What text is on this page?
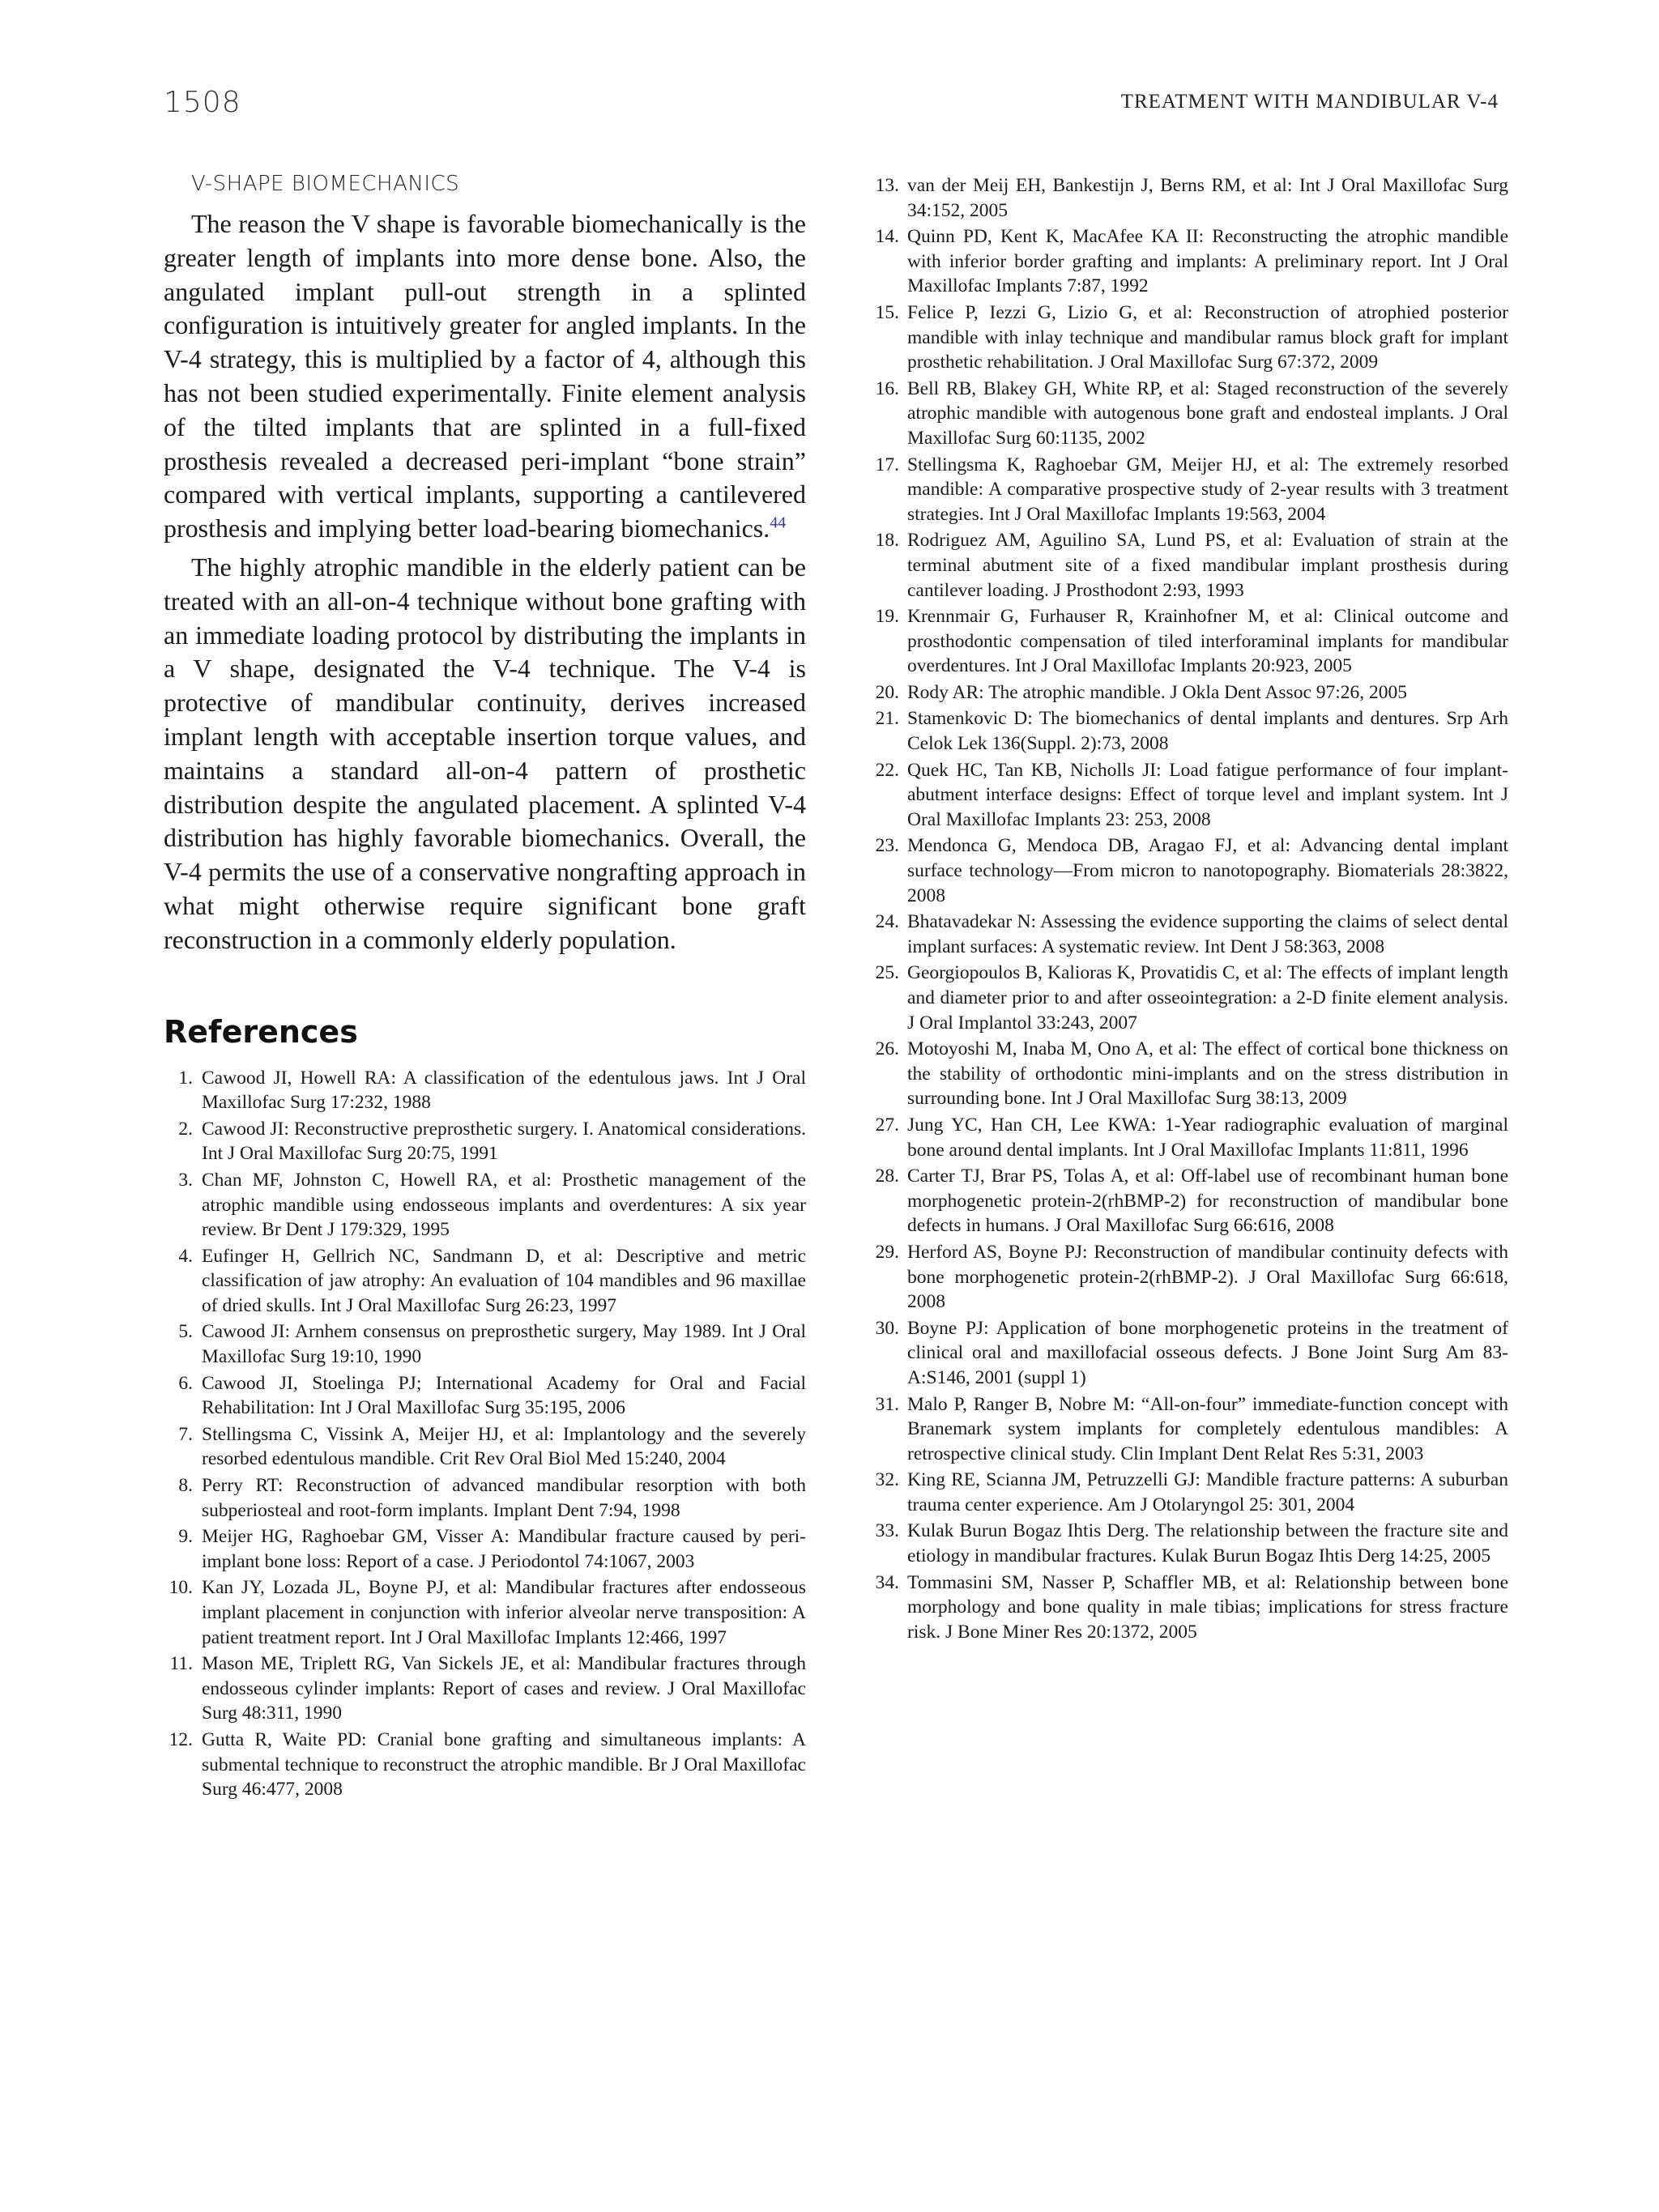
1508	TREATMENT WITH MANDIBULAR V-4
V-SHAPE BIOMECHANICS

The reason the V shape is favorable biomechanically is the greater length of implants into more dense bone. Also, the angulated implant pull-out strength in a splinted configuration is intuitively greater for angled implants. In the V-4 strategy, this is multiplied by a factor of 4, although this has not been studied experimentally. Finite element analysis of the tilted implants that are splinted in a full-fixed prosthesis revealed a decreased peri-implant “bone strain” compared with vertical implants, supporting a cantilevered prosthesis and implying better load-bearing biomechanics.$^{44}$

The highly atrophic mandible in the elderly patient can be treated with an all-on-4 technique without bone grafting with an immediate loading protocol by distributing the implants in a V shape, designated the V-4 technique. The V-4 is protective of mandibular continuity, derives increased implant length with acceptable insertion torque values, and maintains a standard all-on-4 pattern of prosthetic distribution despite the angulated placement. A splinted V-4 distribution has highly favorable biomechanics. Overall, the V-4 permits the use of a conservative nongrafting approach in what might otherwise require significant bone graft reconstruction in a commonly elderly population.

References
1. Cawood JI, Howell RA: A classification of the edentulous jaws. Int J Oral Maxillofac Surg 17:232, 1988
2. Cawood JI: Reconstructive preprosthetic surgery. I. Anatomical considerations. Int J Oral Maxillofac Surg 20:75, 1991
3. Chan MF, Johnston C, Howell RA, et al: Prosthetic management of the atrophic mandible using endosseous implants and overdentures: A six year review. Br Dent J 179:329, 1995
4. Eufinger H, Gellrich NC, Sandmann D, et al: Descriptive and metric classification of jaw atrophy: An evaluation of 104 mandibles and 96 maxillae of dried skulls. Int J Oral Maxillofac Surg 26:23, 1997
5. Cawood JI: Arnhem consensus on preprosthetic surgery, May 1989. Int J Oral Maxillofac Surg 19:10, 1990
6. Cawood JI, Stoelinga PJ; International Academy for Oral and Facial Rehabilitation: Int J Oral Maxillofac Surg 35:195, 2006
7. Stellingsma C, Vissink A, Meijer HJ, et al: Implantology and the severely resorbed edentulous mandible. Crit Rev Oral Biol Med 15:240, 2004
8. Perry RT: Reconstruction of advanced mandibular resorption with both subperiosteal and root-form implants. Implant Dent 7:94, 1998
9. Meijer HG, Raghoebar GM, Visser A: Mandibular fracture caused by peri-implant bone loss: Report of a case. J Periodontol 74:1067, 2003
10. Kan JY, Lozada JL, Boyne PJ, et al: Mandibular fractures after endosseous implant placement in conjunction with inferior alveolar nerve transposition: A patient treatment report. Int J Oral Maxillofac Implants 12:466, 1997
11. Mason ME, Triplett RG, Van Sickels JE, et al: Mandibular fractures through endosseous cylinder implants: Report of cases and review. J Oral Maxillofac Surg 48:311, 1990
12. Gutta R, Waite PD: Cranial bone grafting and simultaneous implants: A submental technique to reconstruct the atrophic mandible. Br J Oral Maxillofac Surg 46:477, 2008
13. van der Meij EH, Bankestijn J, Berns RM, et al: Int J Oral Maxillofac Surg 34:152, 2005
14. Quinn PD, Kent K, MacAfee KA II: Reconstructing the atrophic mandible with inferior border grafting and implants: A preliminary report. Int J Oral Maxillofac Implants 7:87, 1992
15. Felice P, Iezzi G, Lizio G, et al: Reconstruction of atrophied posterior mandible with inlay technique and mandibular ramus block graft for implant prosthetic rehabilitation. J Oral Maxillofac Surg 67:372, 2009
16. Bell RB, Blakey GH, White RP, et al: Staged reconstruction of the severely atrophic mandible with autogenous bone graft and endosteal implants. J Oral Maxillofac Surg 60:1135, 2002
17. Stellingsma K, Raghoebar GM, Meijer HJ, et al: The extremely resorbed mandible: A comparative prospective study of 2-year results with 3 treatment strategies. Int J Oral Maxillofac Implants 19:563, 2004
18. Rodriguez AM, Aguilino SA, Lund PS, et al: Evaluation of strain at the terminal abutment site of a fixed mandibular implant prosthesis during cantilever loading. J Prosthodont 2:93, 1993
19. Krennmair G, Furhauser R, Krainhofner M, et al: Clinical outcome and prosthodontic compensation of tiled interforaminal implants for mandibular overdentures. Int J Oral Maxillofac Implants 20:923, 2005
20. Rody AR: The atrophic mandible. J Okla Dent Assoc 97:26, 2005
21. Stamenkovic D: The biomechanics of dental implants and dentures. Srp Arh Celok Lek 136(Suppl. 2):73, 2008
22. Quek HC, Tan KB, Nicholls JI: Load fatigue performance of four implant-abutment interface designs: Effect of torque level and implant system. Int J Oral Maxillofac Implants 23: 253, 2008
23. Mendonca G, Mendoca DB, Aragao FJ, et al: Advancing dental implant surface technology—From micron to nanotopography. Biomaterials 28:3822, 2008
24. Bhatavadekar N: Assessing the evidence supporting the claims of select dental implant surfaces: A systematic review. Int Dent J 58:363, 2008
25. Georgiopoulos B, Kalioras K, Provatidis C, et al: The effects of implant length and diameter prior to and after osseointegration: a 2-D finite element analysis. J Oral Implantol 33:243, 2007
26. Motoyoshi M, Inaba M, Ono A, et al: The effect of cortical bone thickness on the stability of orthodontic mini-implants and on the stress distribution in surrounding bone. Int J Oral Maxillofac Surg 38:13, 2009
27. Jung YC, Han CH, Lee KWA: 1-Year radiographic evaluation of marginal bone around dental implants. Int J Oral Maxillofac Implants 11:811, 1996
28. Carter TJ, Brar PS, Tolas A, et al: Off-label use of recombinant human bone morphogenetic protein-2(rhBMP-2) for reconstruction of mandibular bone defects in humans. J Oral Maxillofac Surg 66:616, 2008
29. Herford AS, Boyne PJ: Reconstruction of mandibular continuity defects with bone morphogenetic protein-2(rhBMP-2). J Oral Maxillofac Surg 66:618, 2008
30. Boyne PJ: Application of bone morphogenetic proteins in the treatment of clinical oral and maxillofacial osseous defects. J Bone Joint Surg Am 83-A:S146, 2001 (suppl 1)
31. Malo P, Ranger B, Nobre M: “All-on-four” immediate-function concept with Branemark system implants for completely edentulous mandibles: A retrospective clinical study. Clin Implant Dent Relat Res 5:31, 2003
32. King RE, Scianna JM, Petruzzelli GJ: Mandible fracture patterns: A suburban trauma center experience. Am J Otolaryngol 25: 301, 2004
33. Kulak Burun Bogaz Ihtis Derg. The relationship between the fracture site and etiology in mandibular fractures. Kulak Burun Bogaz Ihtis Derg 14:25, 2005
34. Tommasini SM, Nasser P, Schaffler MB, et al: Relationship between bone morphology and bone quality in male tibias; implications for stress fracture risk. J Bone Miner Res 20:1372, 2005
